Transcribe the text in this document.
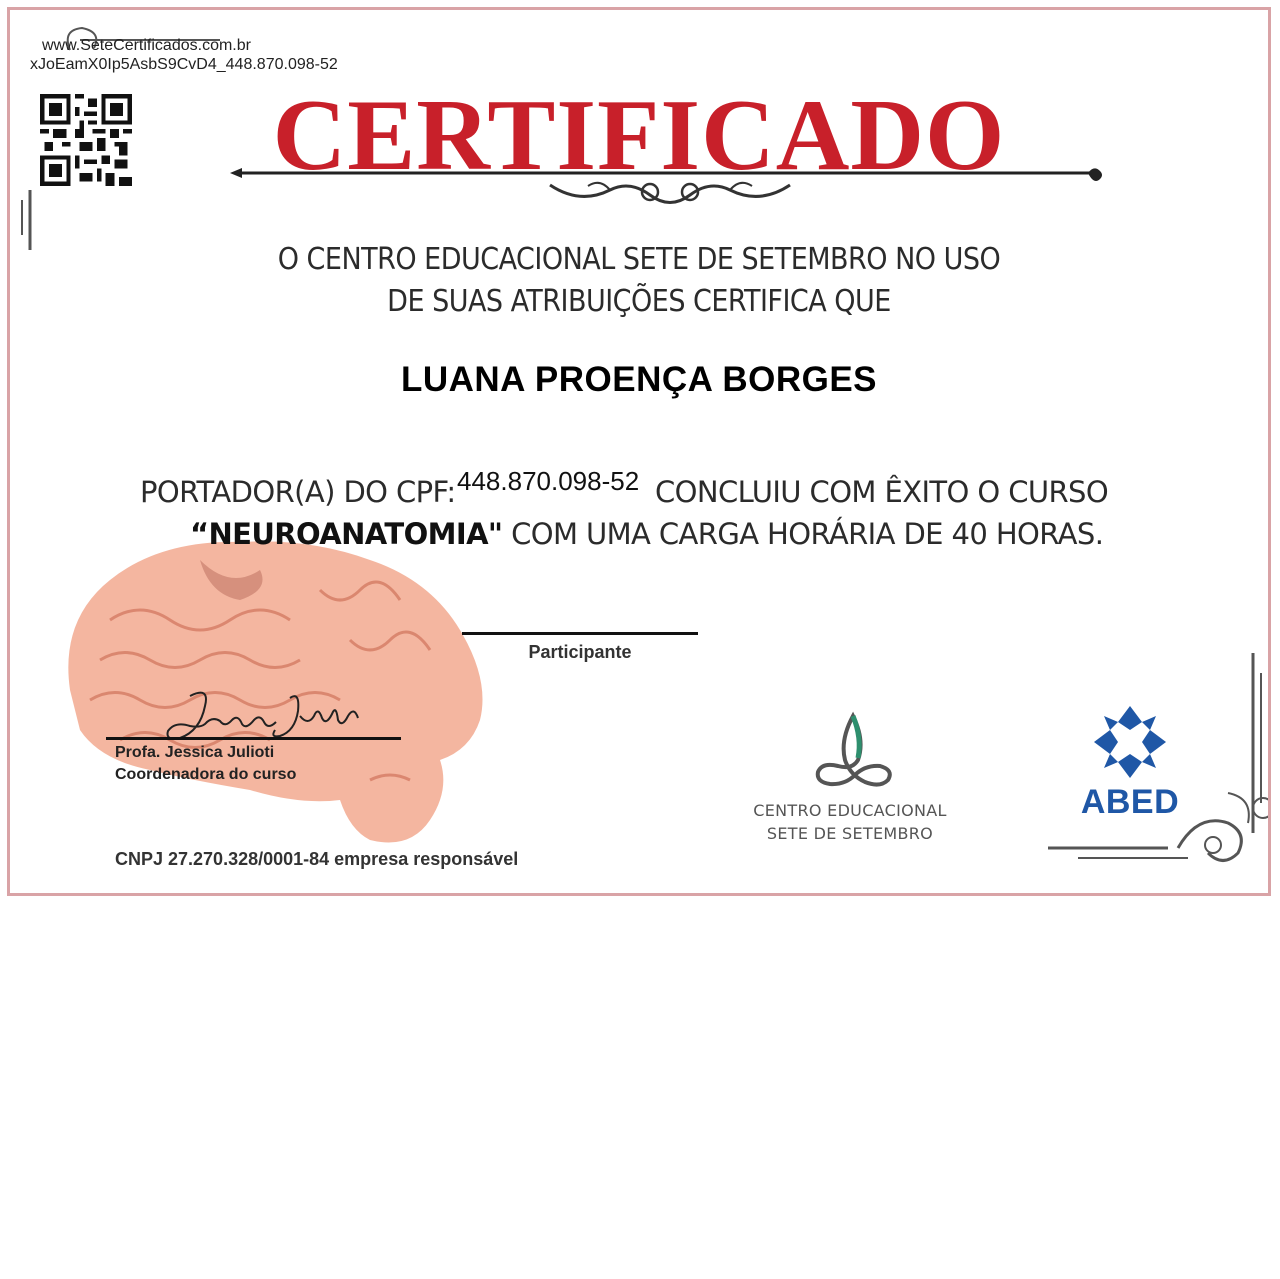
www.SeteCertificados.com.br
xJoEamX0Ip5AsbS9CvD4_448.870.098-52
CERTIFICADO
O CENTRO EDUCACIONAL SETE DE SETEMBRO NO USO
DE SUAS ATRIBUIÇÕES CERTIFICA QUE
LUANA PROENÇA BORGES
PORTADOR(A) DO CPF: 448.870.098-52 CONCLUIU COM ÊXITO O CURSO
“NEUROANATOMIA" COM UMA CARGA HORÁRIA DE 40 HORAS.
Participante
Profa. Jessica Julioti
Coordenadora do curso
CNPJ 27.270.328/0001-84 empresa responsável
CENTRO EDUCACIONAL
SETE DE SETEMBRO
ABED
